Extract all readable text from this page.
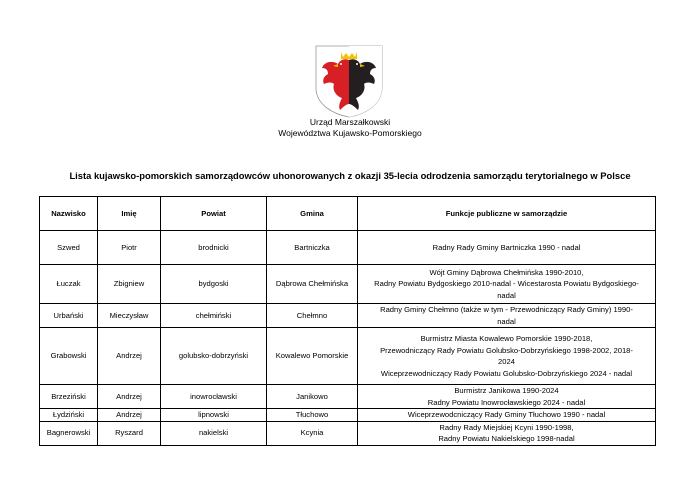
Urząd Marszałkowski
Województwa Kujawsko-Pomorskiego
Lista kujawsko-pomorskich samorządowców uhonorowanych z okazji 35-lecia odrodzenia samorządu terytorialnego w Polsce
Nazwisko	Imię	Powiat	Gmina	Funkcje publiczne w samorządzie
Szwed	Piotr	brodnicki	Bartniczka	Radny Rady Gminy Bartniczka 1990 - nadal

Łuczak	Zbigniew	bydgoski	Dąbrowa Chełmińska	Wójt Gminy Dąbrowa Chełmińska 1990-2010,
Radny Powiatu Bydgoskiego 2010-nadal - Wicestarosta Powiatu Bydgoskiego-
nadal

Urbański	Mieczysław	chełmiński	Chełmno	Radny Gminy Chełmno (także w tym - Przewodniczący Rady Gminy) 1990-
nadal

Grabowski	Andrzej	golubsko-dobrzyński	Kowalewo Pomorskie	Burmistrz Miasta Kowalewo Pomorskie 1990-2018,
Przewodniczący Rady Powiatu Golubsko-Dobrzyńskiego 1998-2002, 2018-
2024
Wiceprzewodniczący Rady Powiatu Golubsko-Dobrzyńskiego 2024 - nadal

Brzeziński	Andrzej	inowrocławski	Janikowo	Burmistrz Janikowa 1990-2024
Radny Powiatu Inowrocławskiego 2024 - nadal

Łydziński	Andrzej	lipnowski	Tłuchowo	Wiceprzewodcniczący Rady Gminy Tłuchowo 1990 - nadal

Bagnerowski	Ryszard	nakielski	Kcynia	Radny Rady Miejskiej Kcyni 1990-1998,
Radny Powiatu Nakielskiego 1998-nadal
